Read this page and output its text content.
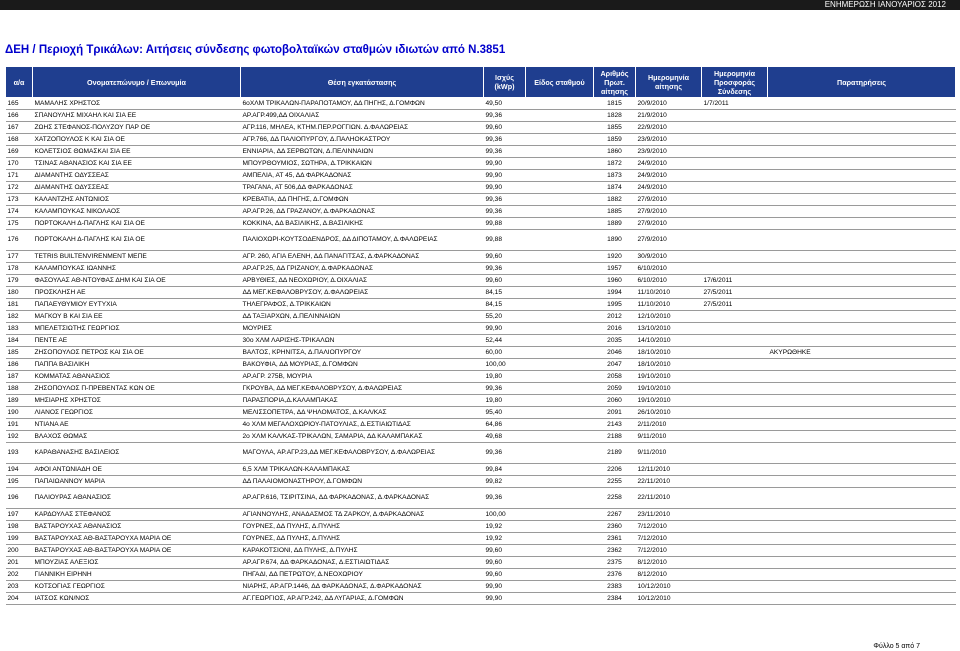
ΕΝΗΜΕΡΩΣΗ ΙΑΝΟΥΑΡΙΟΣ 2012
ΔΕΗ / Περιοχή Τρικάλων: Αιτήσεις σύνδεσης φωτοβολταϊκών σταθμών ιδιωτών από Ν.3851
α/α	Ονοματεπώνυμο / Επωνυμία	Θέση εγκατάστασης	Ισχύς (kWp)	Είδος σταθμού	Αριθμός Πρωτ. αίτησης	Ημερομηνία αίτησης	Ημερομηνία Προσφοράς Σύνδεσης	Παρατηρήσεις
165	ΜΑΜΑΛΗΣ ΧΡΗΣΤΟΣ	6οΧΛΜ ΤΡΙΚΑΛΩΝ-ΠΑΡΑΠΟΤΑΜΟΥ, ΔΔ ΠΗΓΗΣ, Δ.ΓΟΜΦΩΝ	49,50		1815	20/9/2010	1/7/2011	
166	ΣΠΑΝΟΥΛΗΣ ΜΙΧΑΗΛ ΚΑΙ ΣΙΑ ΕΕ	ΑΡ.ΑΓΡ.499,ΔΔ ΟΙΧΑΛΙΑΣ	99,36		1828	21/9/2010		
167	ΖΩΗΣ ΣΤΕΦΑΝΟΣ-ΠΟΛΥΖΟΥ ΠΑΡ ΟΕ	ΑΓΡ.116, ΜΗΛΕΑ, ΚΤΗΜ.ΠΕΡ.ΡΟΓΓΙΩΝ. Δ.ΦΑΛΩΡΕΙΑΣ	99,60		1855	22/9/2010		
168	ΧΑΤΖΟΠΟΥΛΟΣ Κ ΚΑΙ ΣΙΑ ΟΕ	ΑΓΡ.766, ΔΔ ΠΑΛΙΟΠΥΡΓΟΥ, Δ.ΠΑΛΗΟΚΑΣΤΡΟΥ	99,36		1859	23/9/2010		
169	ΚΟΛΕΤΣΙΟΣ ΘΩΜΑΣΚΑΙ ΣΙΑ ΕΕ	ΕΝΝΙΑΡΙΑ, ΔΔ ΣΕΡΒΩΤΩΝ, Δ.ΠΕΛΙΝΝΑΙΩΝ	99,36		1860	23/9/2010		
170	ΤΣΙΝΑΣ ΑΘΑΝΑΣΙΟΣ ΚΑΙ ΣΙΑ ΕΕ	ΜΠΟΥΡΘΟΥΜΙΟΣ, ΣΩΤΗΡΑ, Δ.ΤΡΙΚΚΑΙΩΝ	99,90		1872	24/9/2010		
171	ΔΙΑΜΑΝΤΗΣ ΟΔΥΣΣΕΑΣ	ΑΜΠΕΛΙΑ, ΑΤ 45, ΔΔ ΦΑΡΚΑΔΟΝΑΣ	99,90		1873	24/9/2010		
172	ΔΙΑΜΑΝΤΗΣ ΟΔΥΣΣΕΑΣ	ΤΡΑΓΑΝΑ, ΑΤ 506,ΔΔ ΦΑΡΚΑΔΟΝΑΣ	99,90		1874	24/9/2010		
173	ΚΑΛΑΝΤΖΗΣ ΑΝΤΩΝΙΟΣ	ΚΡΕΒΑΤΙΑ, ΔΔ ΠΗΓΗΣ, Δ.ΓΟΜΦΩΝ	99,36		1882	27/9/2010		
174	ΚΑΛΑΜΠΟΥΚΑΣ ΝΙΚΟΛΑΟΣ	ΑΡ.ΑΓΡ.26, ΔΔ ΓΡΑΖΑΝΟΥ, Δ.ΦΑΡΚΑΔΟΝΑΣ	99,36		1885	27/9/2010		
175	ΠΟΡΤΟΚΑΛΗ Δ-ΠΑΓΛΗΣ ΚΑΙ ΣΙΑ ΟΕ	ΚΟΚΚΙΝΑ, ΔΔ ΒΑΣΙΛΙΚΗΣ, Δ.ΒΑΣΙΛΙΚΗΣ	99,88		1889	27/9/2010		
176	ΠΟΡΤΟΚΑΛΗ Δ-ΠΑΓΛΗΣ ΚΑΙ ΣΙΑ ΟΕ	ΠΑΛΙΟΧΩΡΙ-ΚΟΥΤΣΟΔΕΝΔΡΟΣ, ΔΔ ΔΙΠΟΤΑΜΟΥ, Δ.ΦΑΛΩΡΕΙΑΣ	99,88		1890	27/9/2010		
177	TETRIS BUILTENVIRENMENT ΜΕΠΕ	ΑΓΡ. 260, ΑΓΙΑ ΕΛΕΝΗ, ΔΔ ΠΑΝΑΓΙΤΣΑΣ, Δ.ΦΑΡΚΑΔΟΝΑΣ	99,60		1920	30/9/2010		
178	ΚΑΛΑΜΠΟΥΚΑΣ ΙΩΑΝΝΗΣ	ΑΡ.ΑΓΡ.25, ΔΔ ΓΡΙΖΑΝΟΥ, Δ.ΦΑΡΚΑΔΟΝΑΣ	99,36		1957	6/10/2010		
179	ΦΑΣΟΥΛΑΣ ΑΘ-ΝΤΟΥΦΑΣ ΔΗΜ ΚΑΙ ΣΙΑ ΟΕ	ΑΡΒΥΘΙΕΣ, ΔΔ ΝΕΟΧΩΡΙΟΥ, Δ.ΟΙΧΑΛΙΑΣ	99,60		1960	6/10/2010	17/6/2011	
180	ΠΡΟΣΚΛΗΣΗ ΑΕ	ΔΔ ΜΕΓ.ΚΕΦΑΛΟΒΡΥΣΟΥ, Δ.ΦΑΛΩΡΕΙΑΣ	84,15		1994	11/10/2010	27/5/2011	
181	ΠΑΠΑΕΥΘΥΜΙΟΥ ΕΥΤΥΧΙΑ	ΤΗΛΕΓΡΑΦΟΣ, Δ.ΤΡΙΚΚΑΙΩΝ	84,15		1995	11/10/2010	27/5/2011	
182	ΜΑΓΚΟΥ Β ΚΑΙ ΣΙΑ ΕΕ	ΔΔ ΤΑΞΙΑΡΧΩΝ, Δ.ΠΕΛΙΝΝΑΙΩΝ	55,20		2012	12/10/2010		
183	ΜΠΕΛΕΤΣΙΩΤΗΣ ΓΕΩΡΓΙΟΣ	ΜΟΥΡΙΕΣ	99,90		2016	13/10/2010		
184	ΠΕΝΤΕ ΑΕ	30ο ΧΛΜ ΛΑΡΙΣΗΣ-ΤΡΙΚΑΛΩΝ	52,44		2035	14/10/2010		
185	ΖΗΣΟΠΟΥΛΟΣ ΠΕΤΡΟΣ ΚΑΙ ΣΙΑ ΟΕ	ΒΑΛΤΟΣ, ΚΡΗΝΙΤΣΑ, Δ.ΠΑΛΙΟΠΥΡΓΟΥ	60,00		2046	18/10/2010		ΑΚΥΡΩΘΗΚΕ
186	ΠΑΠΠΑ ΒΑΣΙΛΙΚΗ	ΒΑΚΟΥΦΙΑ, ΔΔ ΜΟΥΡΙΑΣ, Δ.ΓΟΜΦΩΝ	100,00		2047	18/10/2010		
187	ΚΟΜΜΑΤΑΣ ΑΘΑΝΑΣΙΟΣ	ΑΡ.ΑΓΡ. 275Β, ΜΟΥΡΙΑ	19,80		2058	19/10/2010		
188	ΖΗΣΟΠΟΥΛΟΣ Π-ΠΡΕΒΕΝΤΑΣ ΚΩΝ ΟΕ	ΓΚΡΟΥΒΑ, ΔΔ ΜΕΓ.ΚΕΦΑΛΟΒΡΥΣΟΥ, Δ.ΦΑΛΩΡΕΙΑΣ	99,36		2059	19/10/2010		
189	ΜΗΣΙΑΡΗΣ ΧΡΗΣΤΟΣ	ΠΑΡΑΣΠΟΡΙΑ,Δ.ΚΑΛΑΜΠΑΚΑΣ	19,80		2060	19/10/2010		
190	ΛΙΑΝΟΣ ΓΕΩΡΓΙΟΣ	ΜΕΛΙΣΣΟΠΕΤΡΑ, ΔΔ ΨΗΛΟΜΑΤΟΣ, Δ.ΚΑΛ/ΚΑΣ	95,40		2091	26/10/2010		
191	ΝΤΙΑΝΑ ΑΕ	4ο ΧΛΜ ΜΕΓΑΛΟΧΩΡΙΟΥ-ΠΑΤΟΥΛΙΑΣ, Δ.ΕΣΤΙΑΙΩΤΙΔΑΣ	64,86		2143	2/11/2010		
192	ΒΛΑΧΟΣ ΘΩΜΑΣ	2ο ΧΛΜ ΚΑΛ/ΚΑΣ-ΤΡΙΚΑΛΩΝ, ΣΑΜΑΡΙΑ, ΔΔ ΚΑΛΑΜΠΑΚΑΣ	49,68		2188	9/11/2010		
193	ΚΑΡΑΘΑΝΑΣΗΣ ΒΑΣΙΛΕΙΟΣ	ΜΑΓΟΥΛΑ, ΑΡ.ΑΓΡ.23,ΔΔ ΜΕΓ.ΚΕΦΑΛΟΒΡΥΣΟΥ, Δ.ΦΑΛΩΡΕΙΑΣ	99,36		2189	9/11/2010		
194	ΑΦΟΙ ΑΝΤΩΝΙΑΔΗ ΟΕ	6,5 ΧΛΜ ΤΡΙΚΑΛΩΝ-ΚΑΛΑΜΠΑΚΑΣ	99,84		2206	12/11/2010		
195	ΠΑΠΑΙΩΑΝΝΟΥ ΜΑΡΙΑ	ΔΔ ΠΑΛΑΙΟΜΟΝΑΣΤΗΡΟΥ, Δ.ΓΟΜΦΩΝ	99,82		2255	22/11/2010		
196	ΠΑΛΙΟΥΡΑΣ ΑΘΑΝΑΣΙΟΣ	ΑΡ.ΑΓΡ.616, ΤΣΙΡΙΤΣΙΝΑ, ΔΔ ΦΑΡΚΑΔΟΝΑΣ, Δ.ΦΑΡΚΑΔΟΝΑΣ	99,36		2258	22/11/2010		
197	ΚΑΡΔΟΥΛΑΣ ΣΤΕΦΑΝΟΣ	ΑΓΙΑΝΝΟΥΛΗΣ, ΑΝΑΔΑΣΜΟΣ ΤΔ ΖΑΡΚΟΥ, Δ.ΦΑΡΚΑΔΟΝΑΣ	100,00		2267	23/11/2010		
198	ΒΑΣΤΑΡΟΥΧΑΣ ΑΘΑΝΑΣΙΟΣ	ΓΟΥΡΝΕΣ, ΔΔ ΠΥΛΗΣ, Δ.ΠΥΛΗΣ	19,92		2360	7/12/2010		
199	ΒΑΣΤΑΡΟΥΧΑΣ ΑΘ-ΒΑΣΤΑΡΟΥΧΑ ΜΑΡΙΑ ΟΕ	ΓΟΥΡΝΕΣ, ΔΔ ΠΥΛΗΣ, Δ.ΠΥΛΗΣ	19,92		2361	7/12/2010		
200	ΒΑΣΤΑΡΟΥΧΑΣ ΑΘ-ΒΑΣΤΑΡΟΥΧΑ ΜΑΡΙΑ ΟΕ	ΚΑΡΑΚΟΤΣΙΟΝΙ, ΔΔ ΠΥΛΗΣ, Δ.ΠΥΛΗΣ	99,60		2362	7/12/2010		
201	ΜΠΟΥΖΙΑΣ ΑΛΕΞΙΟΣ	ΑΡ.ΑΓΡ.674, ΔΔ ΦΑΡΚΑΔΟΝΑΣ, Δ.ΕΣΤΙΑΙΩΤΙΔΑΣ	99,60		2375	8/12/2010		
202	ΓΙΑΝΝΙΚΗ ΕΙΡΗΝΗ	ΠΗΓΑΔΙ, ΔΔ ΠΕΤΡΩΤΟΥ, Δ.ΝΕΟΧΩΡΙΟΥ	99,60		2376	8/12/2010		
203	ΚΟΤΣΟΓΙΑΣ ΓΕΩΡΓΙΟΣ	ΝΙΑΡΗΣ, ΑΡ.ΑΓΡ.1446, ΔΔ ΦΑΡΚΑΔΟΝΑΣ, Δ.ΦΑΡΚΑΔΟΝΑΣ	99,90		2383	10/12/2010		
204	ΙΑΤΣΟΣ ΚΩΝ/ΝΟΣ	ΑΓ.ΓΕΩΡΓΙΟΣ, ΑΡ.ΑΓΡ.242, ΔΔ ΛΥΓΑΡΙΑΣ, Δ.ΓΟΜΦΩΝ	99,90		2384	10/12/2010		
Φύλλο 5 από 7
